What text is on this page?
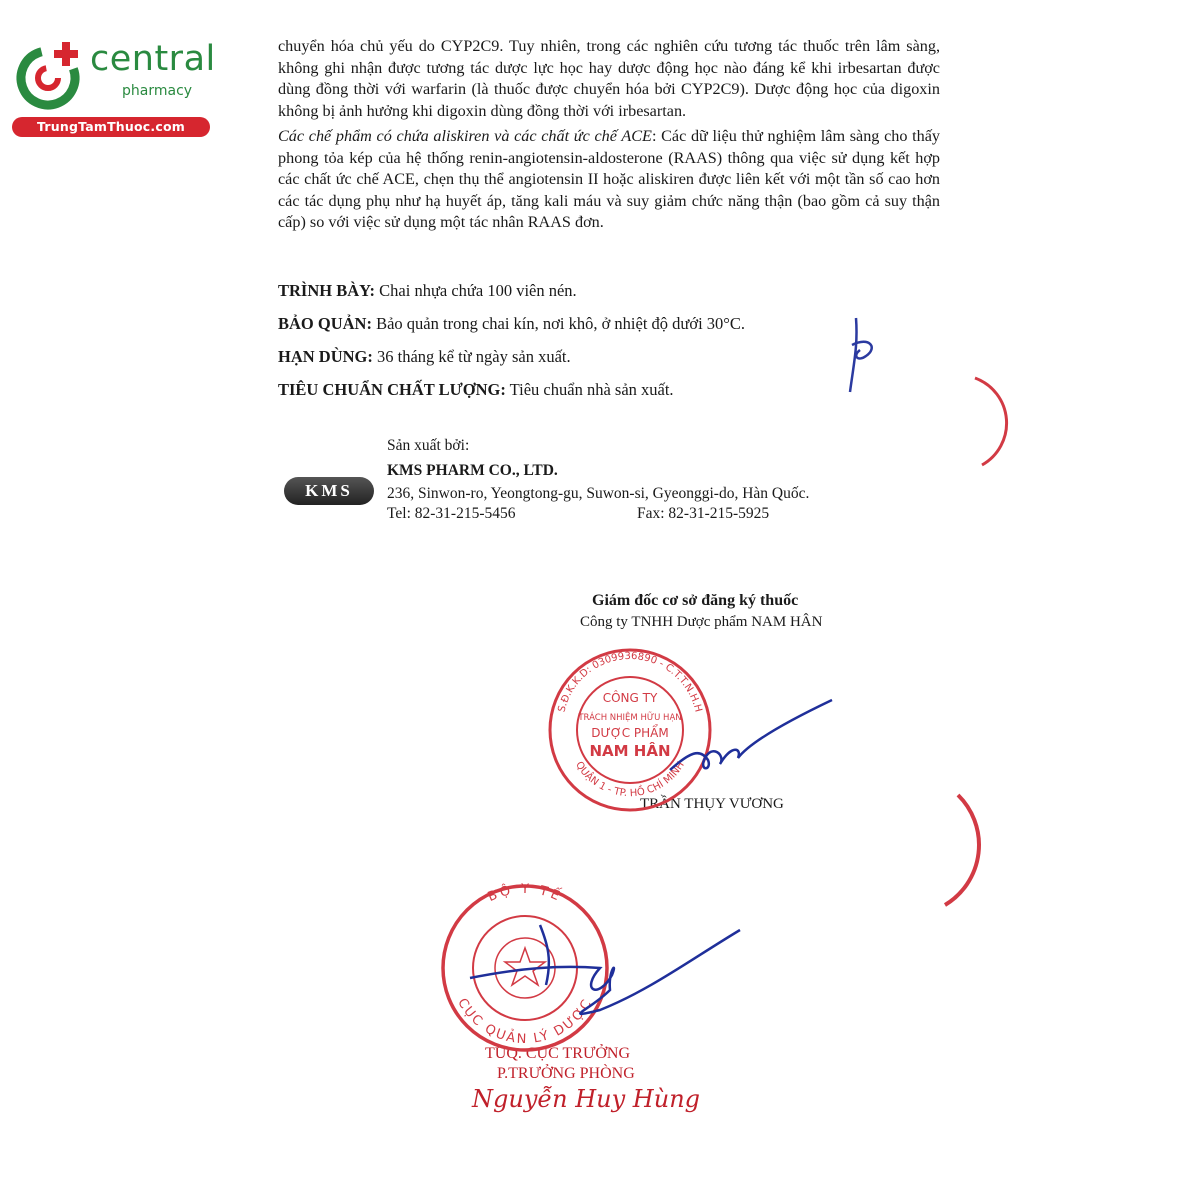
central
pharmacy
TrungTamThuoc.com

chuyển hóa chủ yếu do CYP2C9. Tuy nhiên, trong các nghiên cứu tương tác thuốc trên lâm sàng, không ghi nhận được tương tác dược lực học hay dược động học nào đáng kể khi irbesartan được dùng đồng thời với warfarin (là thuốc được chuyển hóa bởi CYP2C9). Dược động học của digoxin không bị ảnh hưởng khi digoxin dùng đồng thời với irbesartan.

Các chế phẩm có chứa aliskiren và các chất ức chế ACE: Các dữ liệu thử nghiệm lâm sàng cho thấy phong tỏa kép của hệ thống renin-angiotensin-aldosterone (RAAS) thông qua việc sử dụng kết hợp các chất ức chế ACE, chẹn thụ thể angiotensin II hoặc aliskiren được liên kết với một tần số cao hơn các tác dụng phụ như hạ huyết áp, tăng kali máu và suy giảm chức năng thận (bao gồm cả suy thận cấp) so với việc sử dụng một tác nhân RAAS đơn.

TRÌNH BÀY: Chai nhựa chứa 100 viên nén.
BẢO QUẢN: Bảo quản trong chai kín, nơi khô, ở nhiệt độ dưới 30°C.
HẠN DÙNG: 36 tháng kể từ ngày sản xuất.
TIÊU CHUẨN CHẤT LƯỢNG: Tiêu chuẩn nhà sản xuất.
Sản xuất bởi:
KMS PHARM CO., LTD.
KMS	236, Sinwon-ro, Yeongtong-gu, Suwon-si, Gyeonggi-do, Hàn Quốc.
Tel: 82-31-215-5456	Fax: 82-31-215-5925
Giám đốc cơ sở đăng ký thuốc
Công ty TNHH Dược phẩm NAM HÂN
TRẦN THỤY VƯƠNG
TUQ. CỤC TRƯỞNG
P.TRƯỞNG PHÒNG
Nguyễn Huy Hùng
S.Đ.K.K.D: 0309936890 - C.T.T.N.H.H
QUẬN 1 - TP. HỒ CHÍ MINH
CÔNG TY
TRÁCH NHIỆM HỮU HẠN
DƯỢC PHẨM
NAM HÂN
BỘ Y TẾ
CỤC QUẢN LÝ DƯỢC
